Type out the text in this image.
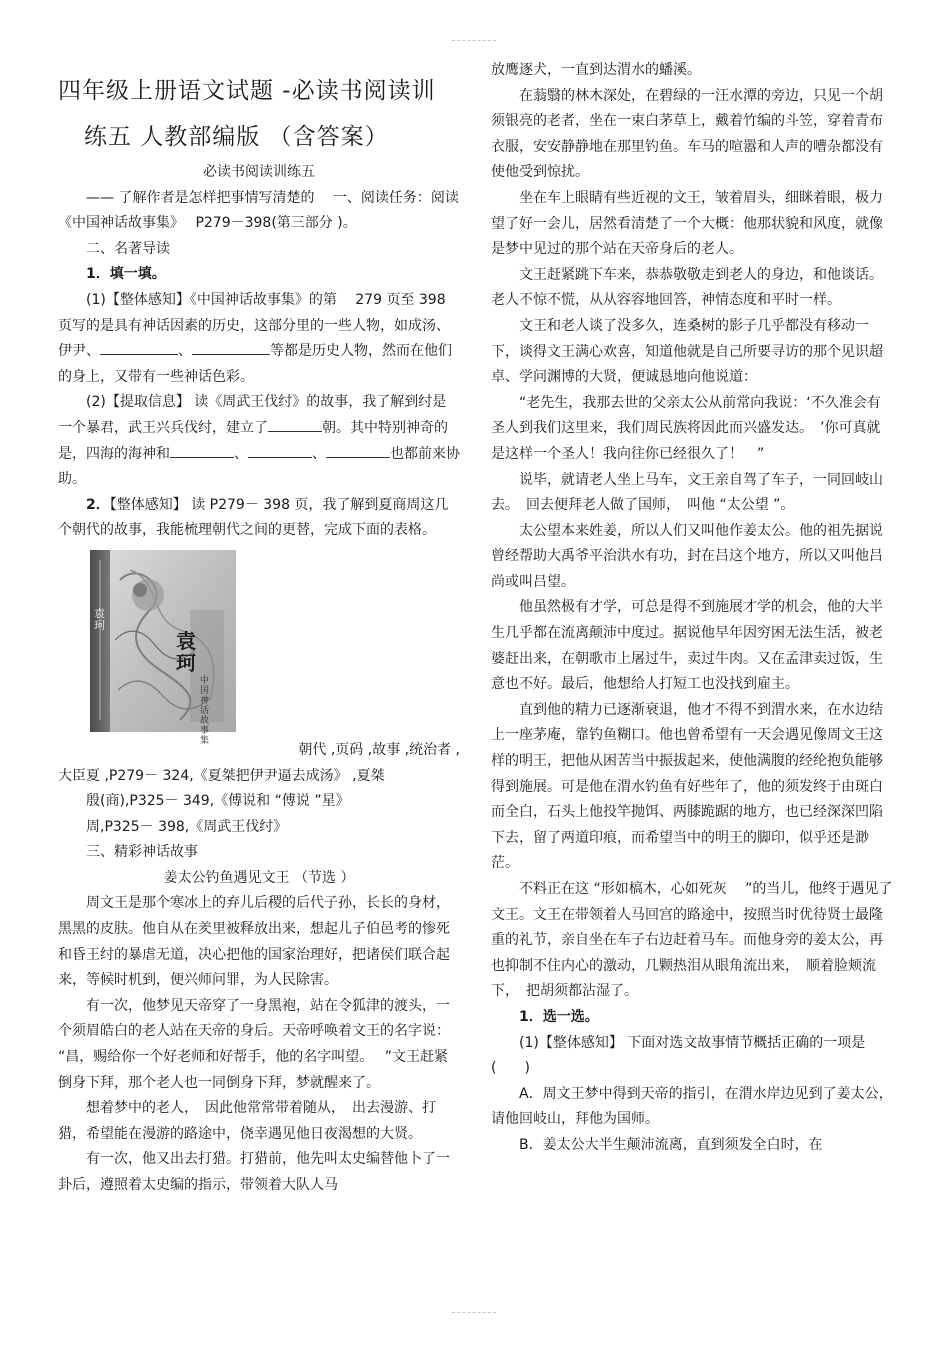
四年级上册语文试题 -必读书阅读训
练五 人教部编版 （含答案）

必读书阅读训练五

—— 了解作者是怎样把事情写清楚的　 一、阅读任务：阅读《中国神话故事集》　 P279－398(第三部分 )。

二、名著导读

1．填一填。

(1)【整体感知】《中国神话故事集》的第　 279 页至 398 页写的是具有神话因素的历史，这部分里的一些人物，如成汤、伊尹、	、	等都是历史人物，然而在他们的身上，又带有一些神话色彩。

(2)【提取信息】 读《周武王伐纣》的故事，我了解到纣是一个暴君，武王兴兵伐纣，建立了	朝。其中特别神奇的是，四海的海神和	、	、	也都前来协助。

2．【整体感知】 读 P279－ 398 页，我了解到夏商周这几个朝代的故事，我能梳理朝代之间的更替，完成下面的表格。

袁珂
袁珂
中国神话故事集

朝代 ,页码 ,故事 ,统治者 ,

大臣夏 ,P279－ 324,《夏桀把伊尹逼去成汤》 ,夏桀

殷(商),P325－ 349,《傅说和 “傅说 ”星》

周,P325－ 398,《周武王伐纣》

三、精彩神话故事

姜太公钓鱼遇见文王 （节选 ）

周文王是那个寒冰上的弃儿后稷的后代子孙，长长的身材，黑黑的皮肤。他自从在羑里被释放出来，想起儿子伯邑考的惨死和昏王纣的暴虐无道，决心把他的国家治理好，把诸侯们联合起来，等候时机到，便兴师问罪，为人民除害。

有一次，他梦见天帝穿了一身黑袍，站在令狐津的渡头，一个须眉皓白的老人站在天帝的身后。天帝呼唤着文王的名字说：　 “昌，赐给你一个好老师和好帮手，他的名字叫望。　 ”文王赶紧倒身下拜，那个老人也一同倒身下拜，梦就醒来了。

想着梦中的老人，　因此他常常带着随从，　出去漫游、打猎，希望能在漫游的路途中，侥幸遇见他日夜渴想的大贤。

有一次，他又出去打猎。打猎前，他先叫太史编替他卜了一卦后，遵照着太史编的指示，带领着大队人马

放鹰逐犬，一直到达渭水的蟠溪。

在蓊翳的林木深处，在碧绿的一汪水潭的旁边，只见一个胡须银亮的老者，坐在一束白茅草上，戴着竹编的斗笠，穿着青布衣服，安安静静地在那里钓鱼。车马的喧嚣和人声的嘈杂都没有使他受到惊扰。

坐在车上眼睛有些近视的文王，皱着眉头，细眯着眼，极力望了好一会儿，居然看清楚了一个大概：他那状貌和风度，就像是梦中见过的那个站在天帝身后的老人。

文王赶紧跳下车来，恭恭敬敬走到老人的身边，和他谈话。老人不惊不慌，从从容容地回答，神情态度和平时一样。

文王和老人谈了没多久，连桑树的影子几乎都没有移动一下，谈得文王满心欢喜，知道他就是自己所要寻访的那个见识超卓、学问渊博的大贤，便诚恳地向他说道：

“老先生，我那去世的父亲太公从前常向我说：‘不久准会有圣人到我们这里来，我们周民族将因此而兴盛发达。　’你可真就是这样一个圣人！我向往你已经很久了！　”

说毕，就请老人坐上马车，文王亲自驾了车子，一同回岐山去。　回去便拜老人做了国师，　叫他 “太公望 ”。

太公望本来姓姜，所以人们又叫他作姜太公。他的祖先据说曾经帮助大禹爷平治洪水有功，封在吕这个地方，所以又叫他吕尚或叫吕望。

他虽然极有才学，可总是得不到施展才学的机会，他的大半生几乎都在流离颠沛中度过。据说他早年因穷困无法生活，被老婆赶出来，在朝歌市上屠过牛，卖过牛肉。又在孟津卖过饭，生意也不好。最后，他想给人打短工也没找到雇主。

直到他的精力已逐渐衰退，他才不得不到渭水来，在水边结上一座茅庵，靠钓鱼糊口。他也曾希望有一天会遇见像周文王这样的明王，把他从困苦当中振拔起来，使他满腹的经纶抱负能够得到施展。可是他在渭水钓鱼有好些年了，他的须发终于由斑白而全白，石头上他投竿抛饵、两膝跪踞的地方，也已经深深凹陷下去，留了两道印痕，而希望当中的明王的脚印，似乎还是渺茫。

不料正在这 “形如槁木，心如死灰　 ”的当儿，他终于遇见了文王。文王在带领着人马回宫的路途中，按照当时优待贤士最隆重的礼节，亲自坐在车子右边赶着马车。而他身旁的姜太公，再也抑制不住内心的激动，几颗热泪从眼角流出来，　顺着脸颊流下，　把胡须都沾湿了。

1．选一选。

(1)【整体感知】 下面对选文故事情节概括正确的一项是 (　　)

A．周文王梦中得到天帝的指引，在渭水岸边见到了姜太公，请他回岐山，拜他为国师。

B．姜太公大半生颠沛流离，直到须发全白时，在
